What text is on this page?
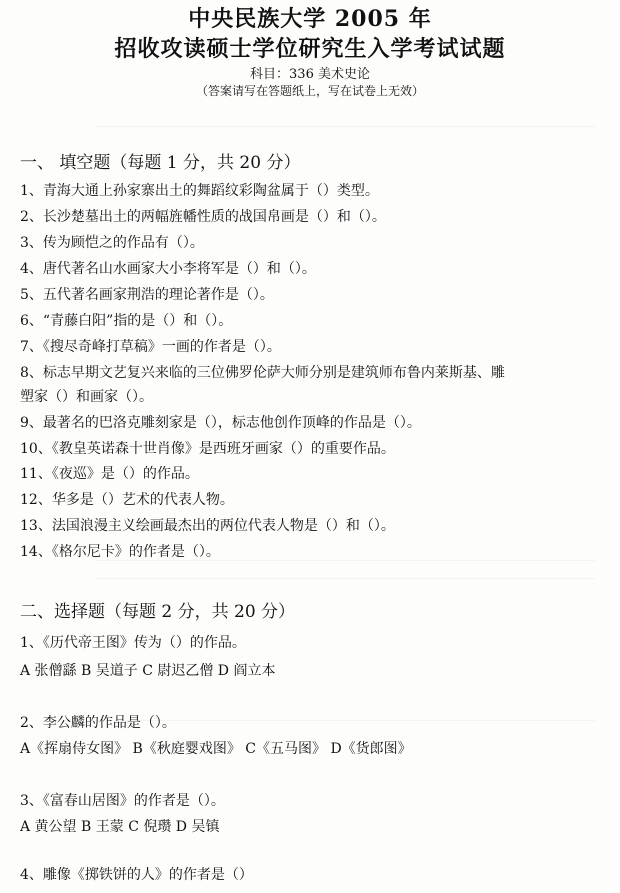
中央民族大学 2005 年
招收攻读硕士学位研究生入学考试试题
科目：336 美术史论
（答案请写在答题纸上，写在试卷上无效）
一、 填空题（每题 1 分，共 20 分）
1、青海大通上孙家寨出土的舞蹈纹彩陶盆属于（）类型。
2、长沙楚墓出土的两幅旌幡性质的战国帛画是（）和（）。
3、传为顾恺之的作品有（）。
4、唐代著名山水画家大小李将军是（）和（）。
5、五代著名画家荆浩的理论著作是（）。
6、“青藤白阳”指的是（）和（）。
7、《搜尽奇峰打草稿》一画的作者是（）。
8、标志早期文艺复兴来临的三位佛罗伦萨大师分别是建筑师布鲁内莱斯基、雕
塑家（）和画家（）。
9、最著名的巴洛克雕刻家是（），标志他创作顶峰的作品是（）。
10、《教皇英诺森十世肖像》是西班牙画家（）的重要作品。
11、《夜巡》是（）的作品。
12、华多是（）艺术的代表人物。
13、法国浪漫主义绘画最杰出的两位代表人物是（）和（）。
14、《格尔尼卡》的作者是（）。
二、选择题（每题 2 分，共 20 分）
1、《历代帝王图》传为（）的作品。
A 张僧繇 B 吴道子 C 尉迟乙僧 D 阎立本
2、李公麟的作品是（）。
A《挥扇侍女图》 B《秋庭婴戏图》 C《五马图》 D《货郎图》
3、《富春山居图》的作者是（）。
A 黄公望 B 王蒙 C 倪瓒 D 吴镇
4、雕像《掷铁饼的人》的作者是（）
